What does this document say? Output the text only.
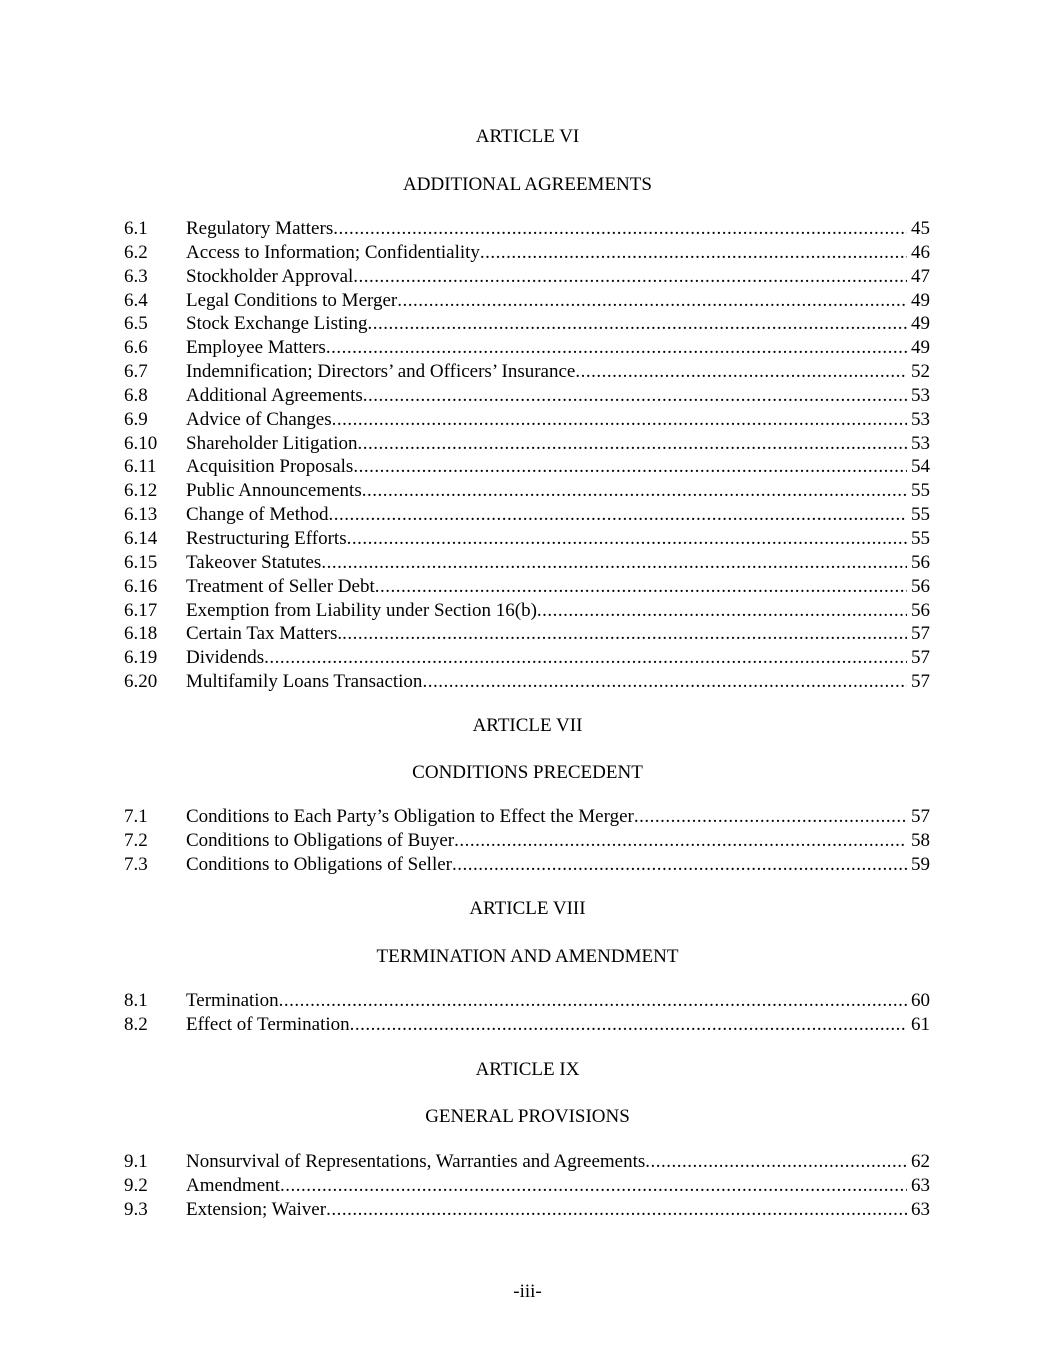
ARTICLE VI
ADDITIONAL AGREEMENTS
6.1 Regulatory Matters .....	45
6.2 Access to Information; Confidentiality .....	46
6.3 Stockholder Approval .....	47
6.4 Legal Conditions to Merger .....	49
6.5 Stock Exchange Listing .....	49
6.6 Employee Matters .....	49
6.7 Indemnification; Directors’ and Officers’ Insurance .....	52
6.8 Additional Agreements .....	53
6.9 Advice of Changes .....	53
6.10 Shareholder Litigation .....	53
6.11 Acquisition Proposals .....	54
6.12 Public Announcements .....	55
6.13 Change of Method .....	55
6.14 Restructuring Efforts .....	55
6.15 Takeover Statutes .....	56
6.16 Treatment of Seller Debt .....	56
6.17 Exemption from Liability under Section 16(b) .....	56
6.18 Certain Tax Matters. .....	57
6.19 Dividends .....	57
6.20 Multifamily Loans Transaction .....	57
ARTICLE VII
CONDITIONS PRECEDENT
7.1 Conditions to Each Party’s Obligation to Effect the Merger .....	57
7.2 Conditions to Obligations of Buyer .....	58
7.3 Conditions to Obligations of Seller .....	59
ARTICLE VIII
TERMINATION AND AMENDMENT
8.1 Termination .....	60
8.2 Effect of Termination .....	61
ARTICLE IX
GENERAL PROVISIONS
9.1 Nonsurvival of Representations, Warranties and Agreements .....	62
9.2 Amendment .....	63
9.3 Extension; Waiver .....	63
-iii-
